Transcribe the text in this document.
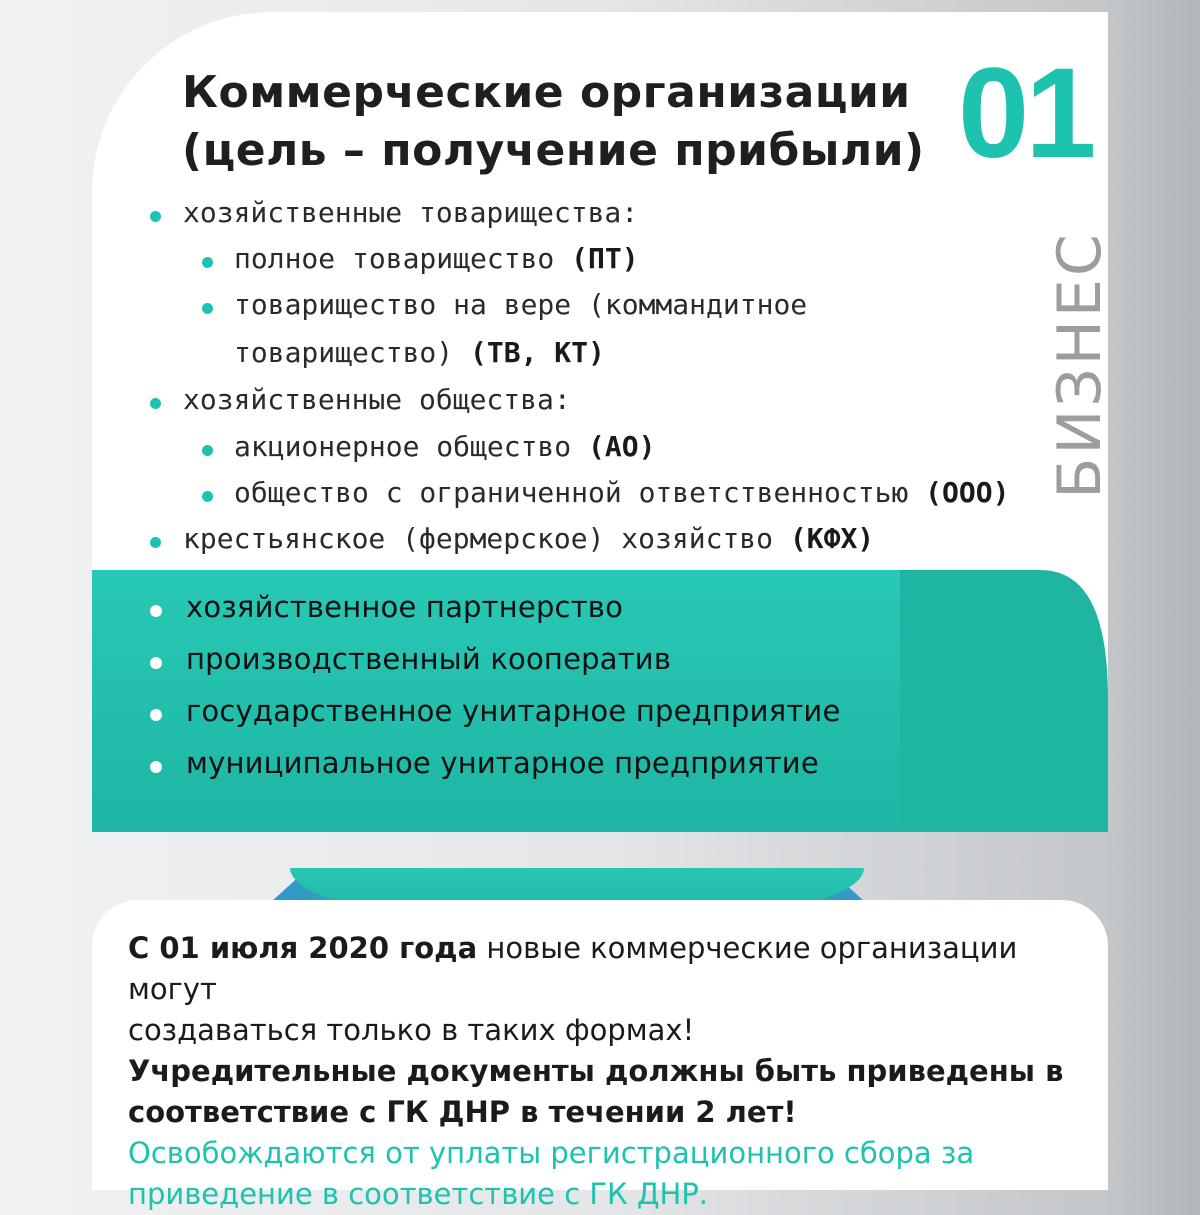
Коммерческие организации
(цель – получение прибыли) 01
БИЗНЕС
хозяйственные товарищества:
полное товарищество (ПТ)
товарищество на вере (коммандитное
товарищество) (ТВ, КТ)
хозяйственные общества:
акционерное общество (АО)
общество с ограниченной ответственностью (ООО)
крестьянское (фермерское) хозяйство (КФХ)
хозяйственное партнерство
производственный кооператив
государственное унитарное предприятие
муниципальное унитарное предприятие

С 01 июля 2020 года новые коммерческие организации могут
создаваться только в таких формах!

Учредительные документы должны быть приведены в
соответствие с ГК ДНР в течении 2 лет!

Освобождаются от уплаты регистрационного сбора за
приведение в соответствие с ГК ДНР.
